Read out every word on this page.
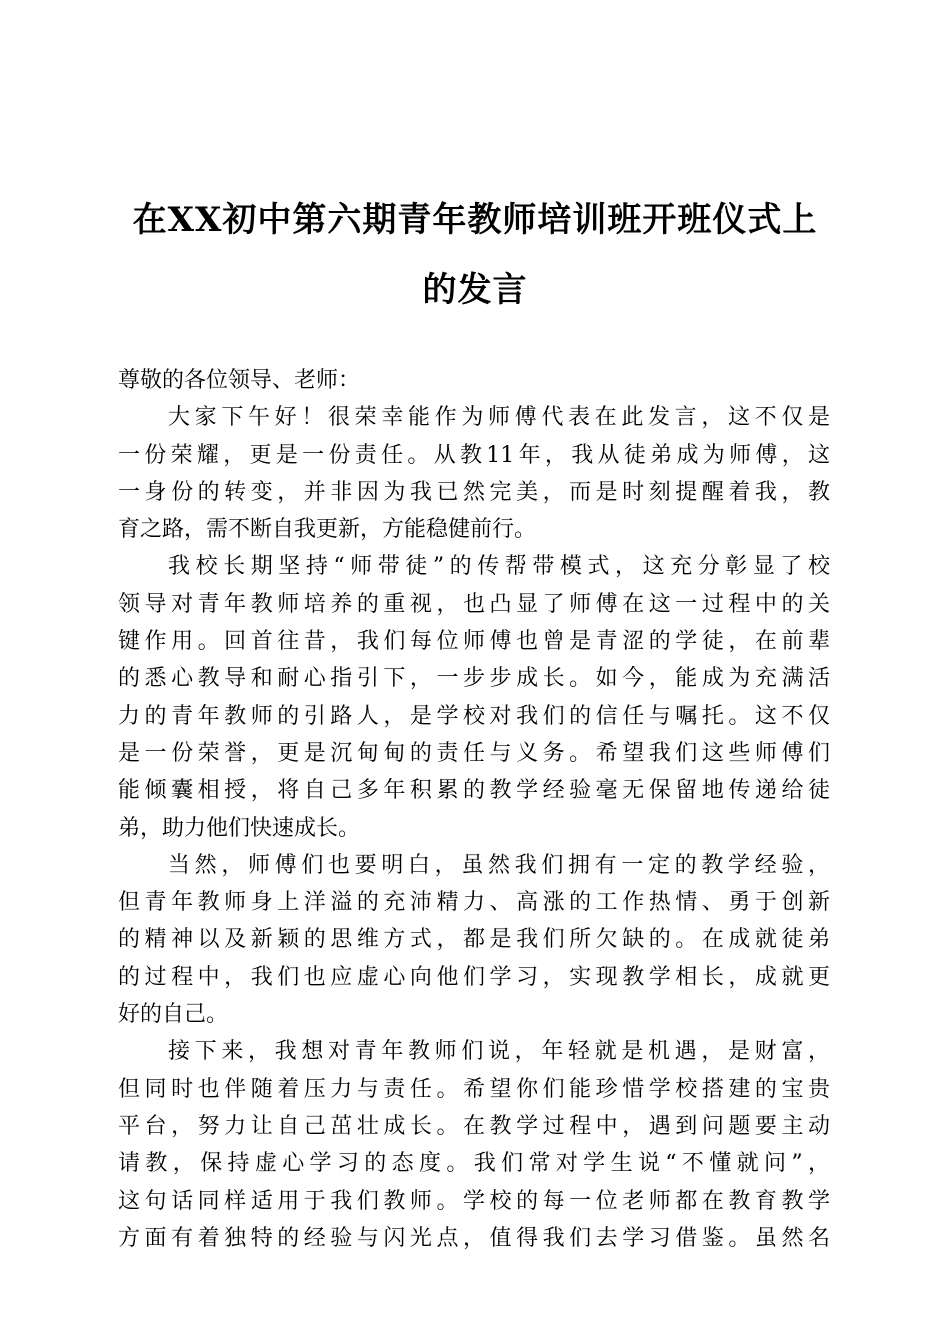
在XX初中第六期青年教师培训班开班仪式上
的发言
尊敬的各位领导、老师：
大家下午好！很荣幸能作为师傅代表在此发言，这不仅是
一份荣耀，更是一份责任。从教11年，我从徒弟成为师傅，这
一身份的转变，并非因为我已然完美，而是时刻提醒着我，教
育之路，需不断自我更新，方能稳健前行。
我校长期坚持“师带徒”的传帮带模式，这充分彰显了校
领导对青年教师培养的重视，也凸显了师傅在这一过程中的关
键作用。回首往昔，我们每位师傅也曾是青涩的学徒，在前辈
的悉心教导和耐心指引下，一步步成长。如今，能成为充满活
力的青年教师的引路人，是学校对我们的信任与嘱托。这不仅
是一份荣誉，更是沉甸甸的责任与义务。希望我们这些师傅们
能倾囊相授，将自己多年积累的教学经验毫无保留地传递给徒
弟，助力他们快速成长。
当然，师傅们也要明白，虽然我们拥有一定的教学经验，
但青年教师身上洋溢的充沛精力、高涨的工作热情、勇于创新
的精神以及新颖的思维方式，都是我们所欠缺的。在成就徒弟
的过程中，我们也应虚心向他们学习，实现教学相长，成就更
好的自己。
接下来，我想对青年教师们说，年轻就是机遇，是财富，
但同时也伴随着压力与责任。希望你们能珍惜学校搭建的宝贵
平台，努力让自己茁壮成长。在教学过程中，遇到问题要主动
请教，保持虚心学习的态度。我们常对学生说“不懂就问”，
这句话同样适用于我们教师。学校的每一位老师都在教育教学
方面有着独特的经验与闪光点，值得我们去学习借鉴。虽然名
